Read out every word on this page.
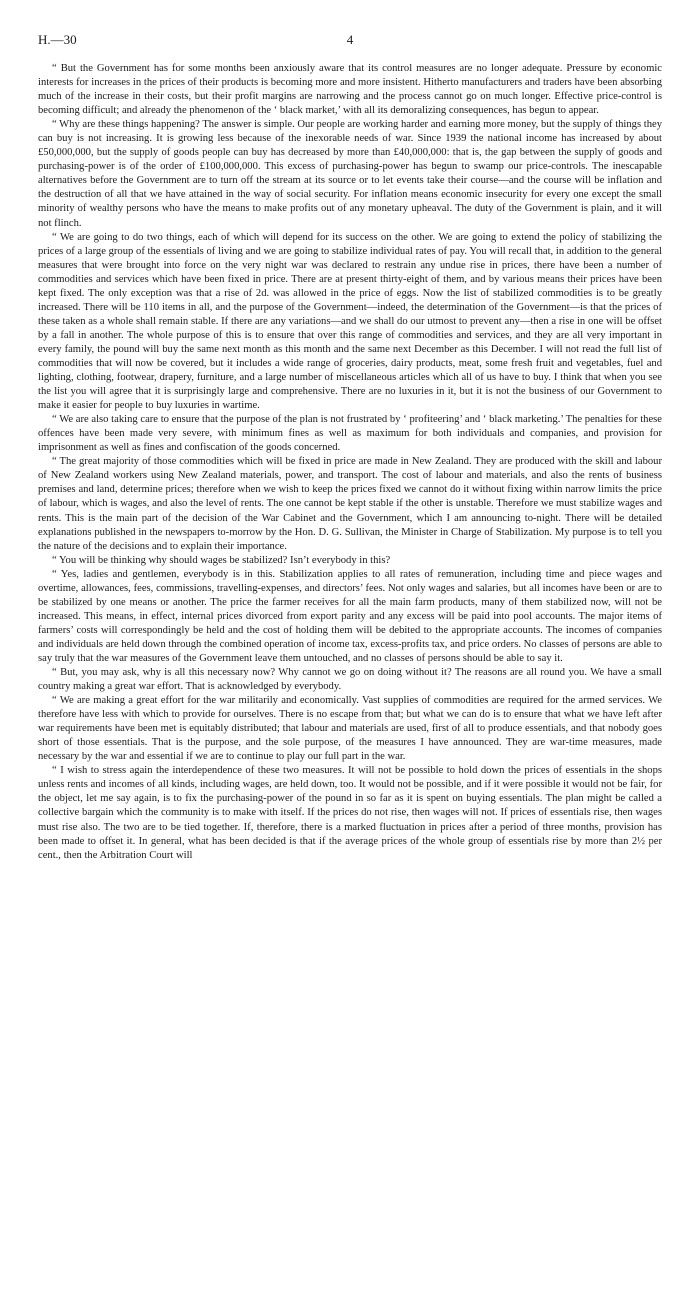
H.—30	4

“ But the Government has for some months been anxiously aware that its control measures are no longer adequate. Pressure by economic interests for increases in the prices of their products is becoming more and more insistent. Hitherto manufacturers and traders have been absorbing much of the increase in their costs, but their profit margins are narrowing and the process cannot go on much longer. Effective price-control is becoming difficult; and already the phenomenon of the ‘ black market,’ with all its demoralizing consequences, has begun to appear.

“ Why are these things happening? The answer is simple. Our people are working harder and earning more money, but the supply of things they can buy is not increasing. It is growing less because of the inexorable needs of war. Since 1939 the national income has increased by about £50,000,000, but the supply of goods people can buy has decreased by more than £40,000,000: that is, the gap between the supply of goods and purchasing-power is of the order of £100,000,000. This excess of purchasing-power has begun to swamp our price-controls. The inescapable alternatives before the Government are to turn off the stream at its source or to let events take their course—and the course will be inflation and the destruction of all that we have attained in the way of social security. For inflation means economic insecurity for every one except the small minority of wealthy persons who have the means to make profits out of any monetary upheaval. The duty of the Government is plain, and it will not flinch.

“ We are going to do two things, each of which will depend for its success on the other. We are going to extend the policy of stabilizing the prices of a large group of the essentials of living and we are going to stabilize individual rates of pay. You will recall that, in addition to the general measures that were brought into force on the very night war was declared to restrain any undue rise in prices, there have been a number of commodities and services which have been fixed in price. There are at present thirty-eight of them, and by various means their prices have been kept fixed. The only exception was that a rise of 2d. was allowed in the price of eggs. Now the list of stabilized commodities is to be greatly increased. There will be 110 items in all, and the purpose of the Government—indeed, the determination of the Government—is that the prices of these taken as a whole shall remain stable. If there are any variations—and we shall do our utmost to prevent any—then a rise in one will be offset by a fall in another. The whole purpose of this is to ensure that over this range of commodities and services, and they are all very important in every family, the pound will buy the same next month as this month and the same next December as this December. I will not read the full list of commodities that will now be covered, but it includes a wide range of groceries, dairy products, meat, some fresh fruit and vegetables, fuel and lighting, clothing, footwear, drapery, furniture, and a large number of miscellaneous articles which all of us have to buy. I think that when you see the list you will agree that it is surprisingly large and comprehensive. There are no luxuries in it, but it is not the business of our Government to make it easier for people to buy luxuries in wartime.

“ We are also taking care to ensure that the purpose of the plan is not frustrated by ‘ profiteering’ and ‘ black marketing.’ The penalties for these offences have been made very severe, with minimum fines as well as maximum for both individuals and companies, and provision for imprisonment as well as fines and confiscation of the goods concerned.

“ The great majority of those commodities which will be fixed in price are made in New Zealand. They are produced with the skill and labour of New Zealand workers using New Zealand materials, power, and transport. The cost of labour and materials, and also the rents of business premises and land, determine prices; therefore when we wish to keep the prices fixed we cannot do it without fixing within narrow limits the price of labour, which is wages, and also the level of rents. The one cannot be kept stable if the other is unstable. Therefore we must stabilize wages and rents. This is the main part of the decision of the War Cabinet and the Government, which I am announcing to-night. There will be detailed explanations published in the newspapers to-morrow by the Hon. D. G. Sullivan, the Minister in Charge of Stabilization. My purpose is to tell you the nature of the decisions and to explain their importance.

“ You will be thinking why should wages be stabilized? Isn’t everybody in this?

“ Yes, ladies and gentlemen, everybody is in this. Stabilization applies to all rates of remuneration, including time and piece wages and overtime, allowances, fees, commissions, travelling-expenses, and directors’ fees. Not only wages and salaries, but all incomes have been or are to be stabilized by one means or another. The price the farmer receives for all the main farm products, many of them stabilized now, will not be increased. This means, in effect, internal prices divorced from export parity and any excess will be paid into pool accounts. The major items of farmers’ costs will correspondingly be held and the cost of holding them will be debited to the appropriate accounts. The incomes of companies and individuals are held down through the combined operation of income tax, excess-profits tax, and price orders. No classes of persons are able to say truly that the war measures of the Government leave them untouched, and no classes of persons should be able to say it.

“ But, you may ask, why is all this necessary now? Why cannot we go on doing without it? The reasons are all round you. We have a small country making a great war effort. That is acknowledged by everybody.

“ We are making a great effort for the war militarily and economically. Vast supplies of commodities are required for the armed services. We therefore have less with which to provide for ourselves. There is no escape from that; but what we can do is to ensure that what we have left after war requirements have been met is equitably distributed; that labour and materials are used, first of all to produce essentials, and that nobody goes short of those essentials. That is the purpose, and the sole purpose, of the measures I have announced. They are war-time measures, made necessary by the war and essential if we are to continue to play our full part in the war.

“ I wish to stress again the interdependence of these two measures. It will not be possible to hold down the prices of essentials in the shops unless rents and incomes of all kinds, including wages, are held down, too. It would not be possible, and if it were possible it would not be fair, for the object, let me say again, is to fix the purchasing-power of the pound in so far as it is spent on buying essentials. The plan might be called a collective bargain which the community is to make with itself. If the prices do not rise, then wages will not. If prices of essentials rise, then wages must rise also. The two are to be tied together. If, therefore, there is a marked fluctuation in prices after a period of three months, provision has been made to offset it. In general, what has been decided is that if the average prices of the whole group of essentials rise by more than 2½ per cent., then the Arbitration Court will
